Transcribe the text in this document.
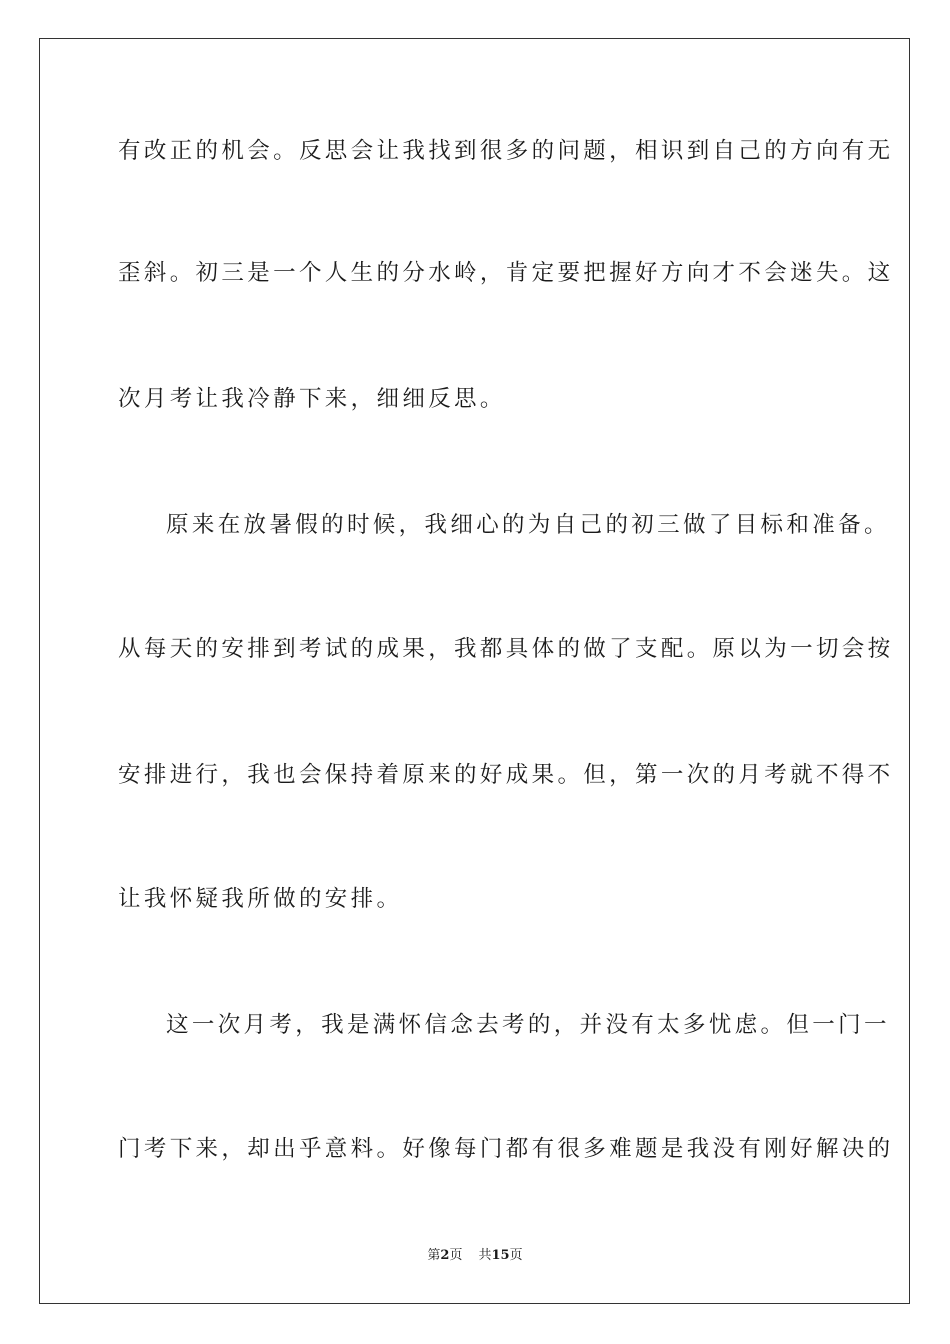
有改正的机会。反思会让我找到很多的问题，相识到自己的方向有无
歪斜。初三是一个人生的分水岭，肯定要把握好方向才不会迷失。这
次月考让我冷静下来，细细反思。
原来在放暑假的时候，我细心的为自己的初三做了目标和准备。
从每天的安排到考试的成果，我都具体的做了支配。原以为一切会按
安排进行，我也会保持着原来的好成果。但，第一次的月考就不得不
让我怀疑我所做的安排。
这一次月考，我是满怀信念去考的，并没有太多忧虑。但一门一
门考下来，却出乎意料。好像每门都有很多难题是我没有刚好解决的
第2页 共15页
